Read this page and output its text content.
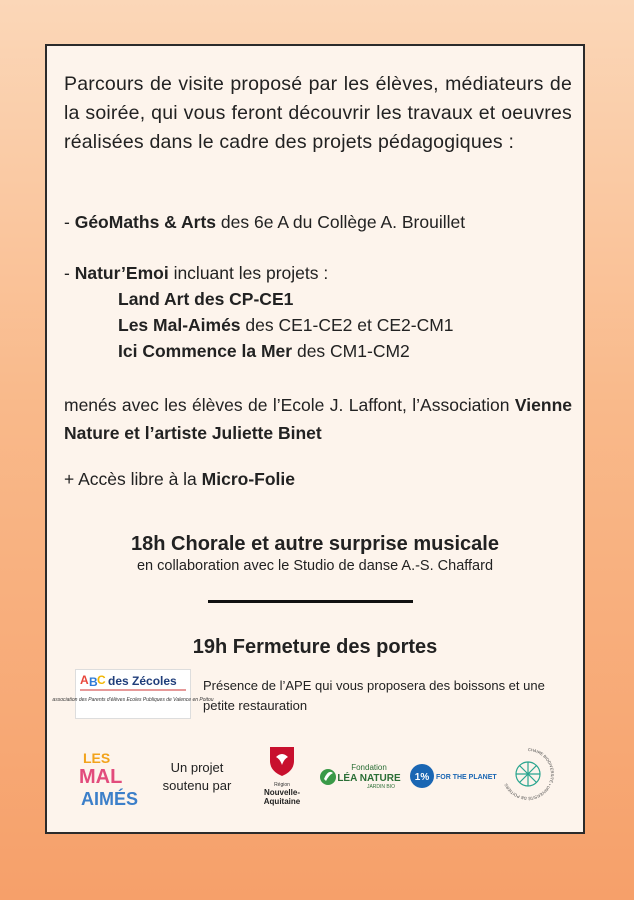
Parcours de visite proposé par les élèves, médiateurs de la soirée, qui vous feront découvrir les travaux et oeuvres réalisées dans le cadre des projets pédagogiques :
- GéoMaths & Arts des 6e A du Collège A. Brouillet
- Natur’Emoi incluant les projets :
Land Art des CP-CE1
Les Mal-Aimés des CE1-CE2 et CE2-CM1
Ici Commence la Mer des CM1-CM2
menés avec les élèves de l’Ecole J. Laffont, l’Association Vienne Nature et l’artiste Juliette Binet
+ Accès libre à la Micro-Folie
18h Chorale et autre surprise musicale
en collaboration avec le Studio de danse A.-S. Chaffard
19h Fermeture des portes
A B C des Zécoles
association des Parents d'élèves Ecoles Publiques de Valence en Poitou
Présence de l’APE qui vous proposera des boissons et une petite restauration
LES
MAL
AIMÉS
Un projet
soutenu par	Région
Nouvelle-
Aquitaine
Fondation
LÉA NATURE
JARDIN BIO
1% FOR THE PLANET
CHAIRE BIODIVERSITÉ • UNIVERSITÉ DE POITIERS
